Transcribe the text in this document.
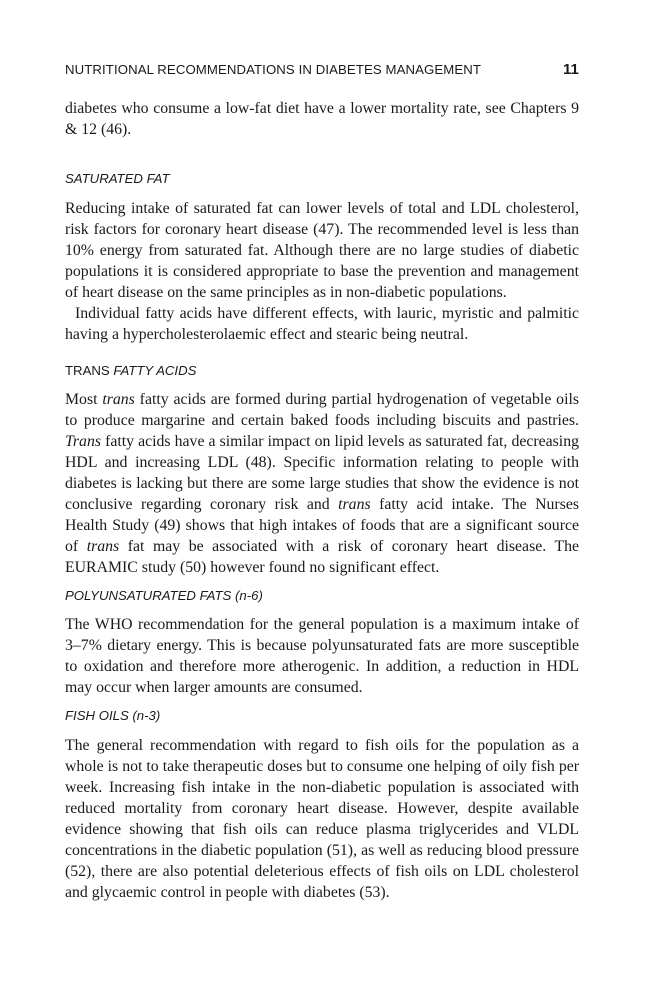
NUTRITIONAL RECOMMENDATIONS IN DIABETES MANAGEMENT	11

diabetes who consume a low-fat diet have a lower mortality rate, see Chapters 9 & 12 (46).

SATURATED FAT

Reducing intake of saturated fat can lower levels of total and LDL cholesterol, risk factors for coronary heart disease (47). The recommended level is less than 10% energy from saturated fat. Although there are no large studies of diabetic populations it is considered appropriate to base the prevention and management of heart disease on the same principles as in non-diabetic populations.

Individual fatty acids have different effects, with lauric, myristic and palmitic having a hypercholesterolaemic effect and stearic being neutral.

TRANS FATTY ACIDS

Most trans fatty acids are formed during partial hydrogenation of vegetable oils to produce margarine and certain baked foods including biscuits and pastries. Trans fatty acids have a similar impact on lipid levels as saturated fat, decreasing HDL and increasing LDL (48). Specific information relating to people with diabetes is lacking but there are some large studies that show the evidence is not conclusive regarding coronary risk and trans fatty acid intake. The Nurses Health Study (49) shows that high intakes of foods that are a significant source of trans fat may be associated with a risk of coronary heart disease. The EURAMIC study (50) however found no significant effect.

POLYUNSATURATED FATS (n-6)

The WHO recommendation for the general population is a maximum intake of 3–7% dietary energy. This is because polyunsaturated fats are more susceptible to oxidation and therefore more atherogenic. In addition, a reduction in HDL may occur when larger amounts are consumed.

FISH OILS (n-3)

The general recommendation with regard to fish oils for the population as a whole is not to take therapeutic doses but to consume one helping of oily fish per week. Increasing fish intake in the non-diabetic population is associated with reduced mortality from coronary heart disease. However, despite available evidence showing that fish oils can reduce plasma triglycerides and VLDL concentrations in the diabetic population (51), as well as reducing blood pressure (52), there are also potential deleterious effects of fish oils on LDL cholesterol and glycaemic control in people with diabetes (53).
